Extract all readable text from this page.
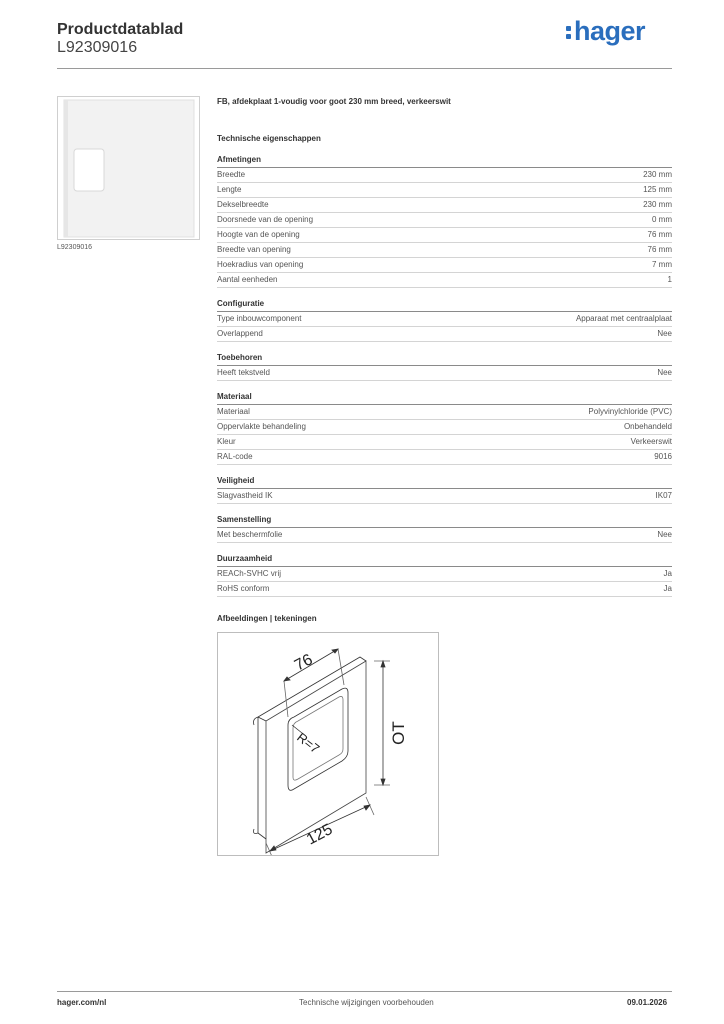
Productdatablad
L92309016
hager
L92309016
FB, afdekplaat 1-voudig voor goot 230 mm breed, verkeerswit
Technische eigenschappen
Afmetingen
Breedte	230 mm
Lengte	125 mm
Dekselbreedte	230 mm
Doorsnede van de opening	0 mm
Hoogte van de opening	76 mm
Breedte van opening	76 mm
Hoekradius van opening	7 mm
Aantal eenheden	1
Configuratie
Type inbouwcomponent	Apparaat met centraalplaat
Overlappend	Nee
Toebehoren
Heeft tekstveld	Nee
Materiaal
Materiaal	Polyvinylchloride (PVC)
Oppervlakte behandeling	Onbehandeld
Kleur	Verkeerswit
RAL-code	9016
Veiligheid
Slagvastheid IK	IK07
Samenstelling
Met beschermfolie	Nee
Duurzaamheid
REACh-SVHC vrij	Ja
RoHS conform	Ja
Afbeeldingen | tekeningen
76
R=7	OT
125
hager.com/nl	Technische wijzigingen voorbehouden	09.01.2026
